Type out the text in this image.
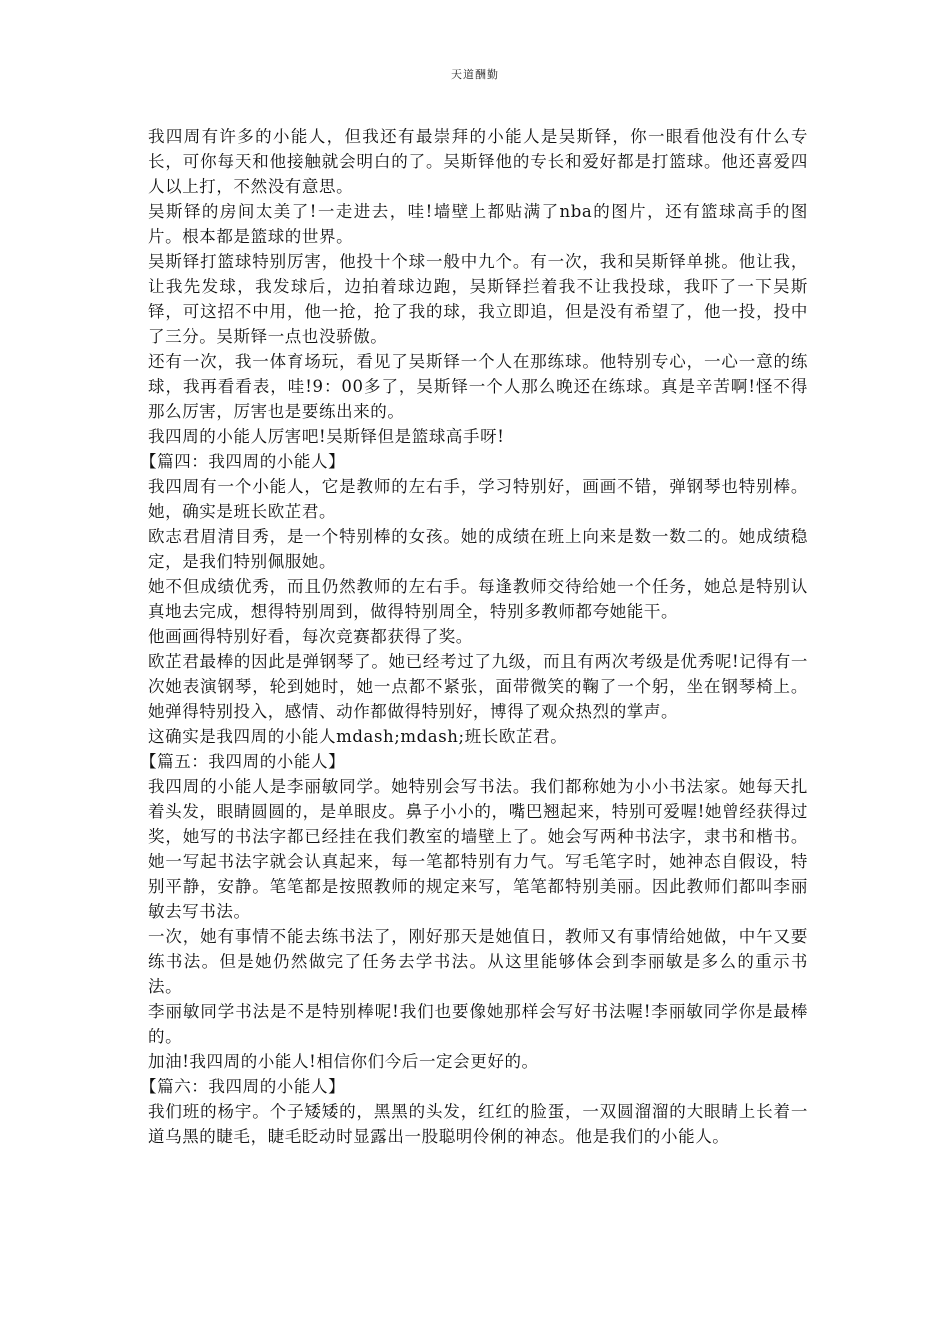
天道酬勤

我四周有许多的小能人，但我还有最崇拜的小能人是吴斯铎，你一眼看他没有什么专长，可你每天和他接触就会明白的了。吴斯铎他的专长和爱好都是打篮球。他还喜爱四人以上打，不然没有意思。

吴斯铎的房间太美了!一走进去，哇!墙壁上都贴满了nba的图片，还有篮球高手的图片。根本都是篮球的世界。

吴斯铎打篮球特别厉害，他投十个球一般中九个。有一次，我和吴斯铎单挑。他让我，让我先发球，我发球后，边拍着球边跑，吴斯铎拦着我不让我投球，我吓了一下吴斯铎，可这招不中用，他一抢，抢了我的球，我立即追，但是没有希望了，他一投，投中了三分。吴斯铎一点也没骄傲。

还有一次，我一体育场玩，看见了吴斯铎一个人在那练球。他特别专心，一心一意的练球，我再看看表，哇!9：00多了，吴斯铎一个人那么晚还在练球。真是辛苦啊!怪不得那么厉害，厉害也是要练出来的。

我四周的小能人厉害吧!吴斯铎但是篮球高手呀!

【篇四：我四周的小能人】

我四周有一个小能人，它是教师的左右手，学习特别好，画画不错，弹钢琴也特别棒。她，确实是班长欧芷君。

欧志君眉清目秀，是一个特别棒的女孩。她的成绩在班上向来是数一数二的。她成绩稳定，是我们特别佩服她。

她不但成绩优秀，而且仍然教师的左右手。每逢教师交待给她一个任务，她总是特别认真地去完成，想得特别周到，做得特别周全，特别多教师都夸她能干。

他画画得特别好看，每次竞赛都获得了奖。

欧芷君最棒的因此是弹钢琴了。她已经考过了九级，而且有两次考级是优秀呢!记得有一次她表演钢琴，轮到她时，她一点都不紧张，面带微笑的鞠了一个躬，坐在钢琴椅上。她弹得特别投入，感情、动作都做得特别好，博得了观众热烈的掌声。

这确实是我四周的小能人mdash;mdash;班长欧芷君。

【篇五：我四周的小能人】

我四周的小能人是李丽敏同学。她特别会写书法。我们都称她为小小书法家。她每天扎着头发，眼睛圆圆的，是单眼皮。鼻子小小的，嘴巴翘起来，特别可爱喔!她曾经获得过奖，她写的书法字都已经挂在我们教室的墙壁上了。她会写两种书法字，隶书和楷书。她一写起书法字就会认真起来，每一笔都特别有力气。写毛笔字时，她神态自假设，特别平静，安静。笔笔都是按照教师的规定来写，笔笔都特别美丽。因此教师们都叫李丽敏去写书法。

一次，她有事情不能去练书法了，刚好那天是她值日，教师又有事情给她做，中午又要练书法。但是她仍然做完了任务去学书法。从这里能够体会到李丽敏是多么的重示书法。

李丽敏同学书法是不是特别棒呢!我们也要像她那样会写好书法喔!李丽敏同学你是最棒的。

加油!我四周的小能人!相信你们今后一定会更好的。

【篇六：我四周的小能人】

我们班的杨宇。个子矮矮的，黑黑的头发，红红的脸蛋，一双圆溜溜的大眼睛上长着一道乌黑的睫毛，睫毛眨动时显露出一股聪明伶俐的神态。他是我们的小能人。
